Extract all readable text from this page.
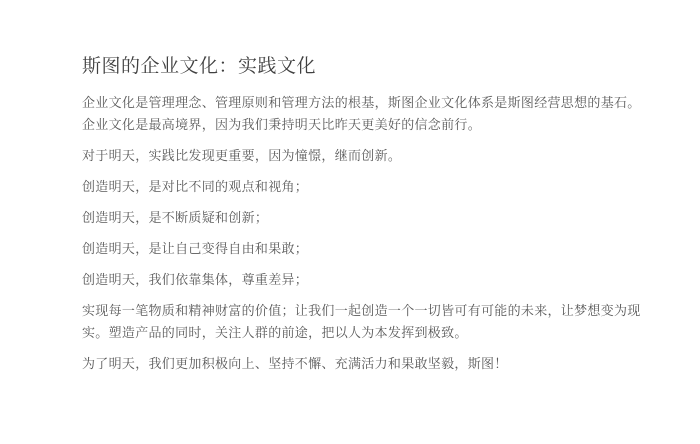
斯图的企业文化：实践文化

企业文化是管理理念、管理原则和管理方法的根基，斯图企业文化体系是斯图经营思想的基石。
企业文化是最高境界，因为我们秉持明天比昨天更美好的信念前行。

对于明天，实践比发现更重要，因为憧憬，继而创新。

创造明天，是对比不同的观点和视角；

创造明天，是不断质疑和创新；

创造明天，是让自己变得自由和果敢；

创造明天，我们依靠集体，尊重差异；

实现每一笔物质和精神财富的价值；让我们一起创造一个一切皆可有可能的未来，让梦想变为现
实。塑造产品的同时，关注人群的前途，把以人为本发挥到极致。

为了明天，我们更加积极向上、坚持不懈、充满活力和果敢坚毅，斯图！
